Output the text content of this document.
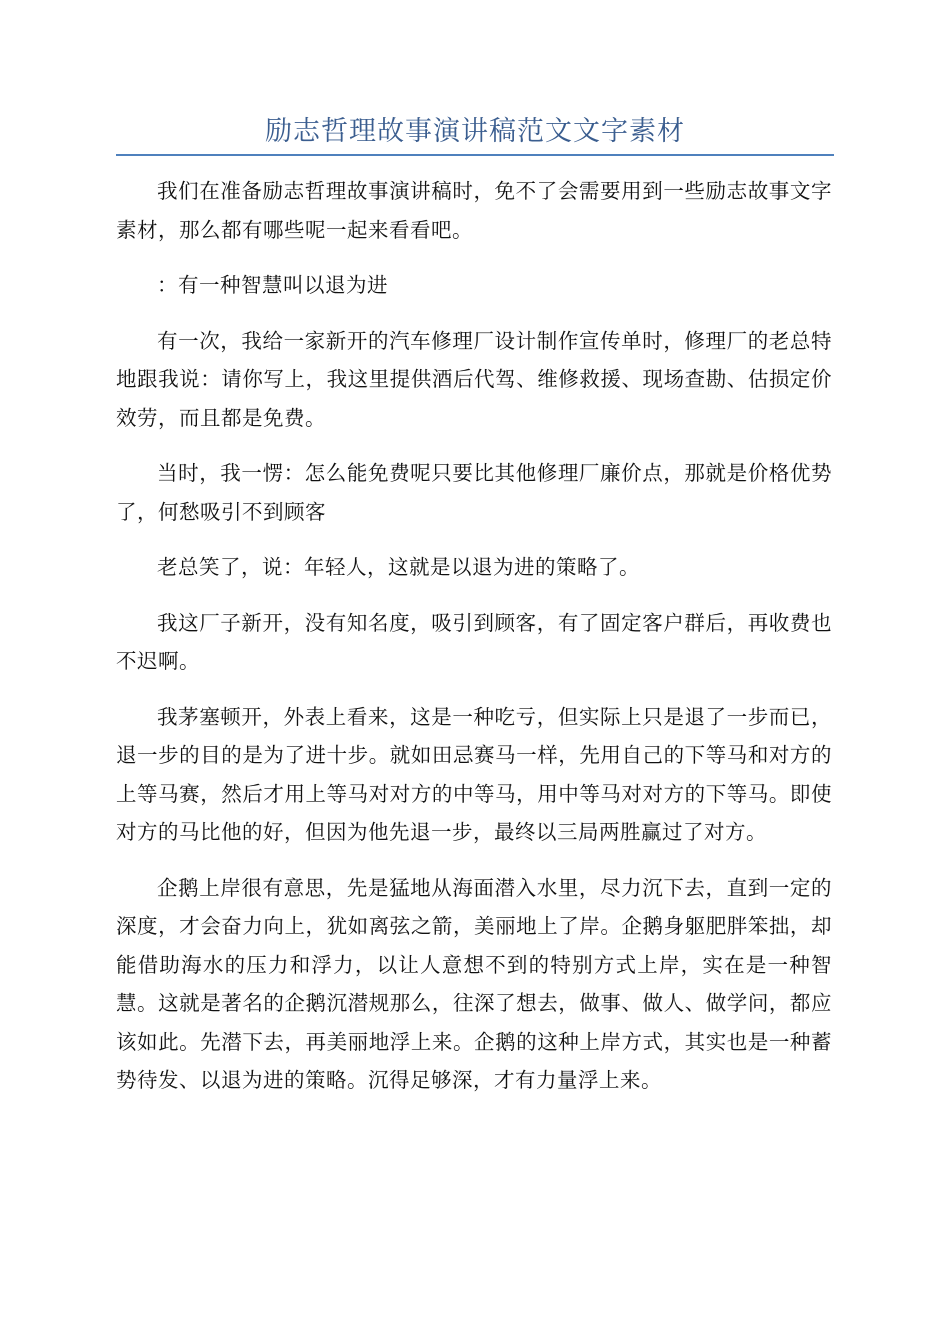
励志哲理故事演讲稿范文文字素材

我们在准备励志哲理故事演讲稿时，免不了会需要用到一些励志故事文字素材，那么都有哪些呢一起来看看吧。

：有一种智慧叫以退为进

有一次，我给一家新开的汽车修理厂设计制作宣传单时，修理厂的老总特地跟我说：请你写上，我这里提供酒后代驾、维修救援、现场查勘、估损定价效劳，而且都是免费。

当时，我一愣：怎么能免费呢只要比其他修理厂廉价点，那就是价格优势了，何愁吸引不到顾客

老总笑了，说：年轻人，这就是以退为进的策略了。

我这厂子新开，没有知名度，吸引到顾客，有了固定客户群后，再收费也不迟啊。

我茅塞顿开，外表上看来，这是一种吃亏，但实际上只是退了一步而已，退一步的目的是为了进十步。就如田忌赛马一样，先用自己的下等马和对方的上等马赛，然后才用上等马对对方的中等马，用中等马对对方的下等马。即使对方的马比他的好，但因为他先退一步，最终以三局两胜赢过了对方。

企鹅上岸很有意思，先是猛地从海面潜入水里，尽力沉下去，直到一定的深度，才会奋力向上，犹如离弦之箭，美丽地上了岸。企鹅身躯肥胖笨拙，却能借助海水的压力和浮力，以让人意想不到的特别方式上岸，实在是一种智慧。这就是著名的企鹅沉潜规那么，往深了想去，做事、做人、做学问，都应该如此。先潜下去，再美丽地浮上来。企鹅的这种上岸方式，其实也是一种蓄势待发、以退为进的策略。沉得足够深，才有力量浮上来。
